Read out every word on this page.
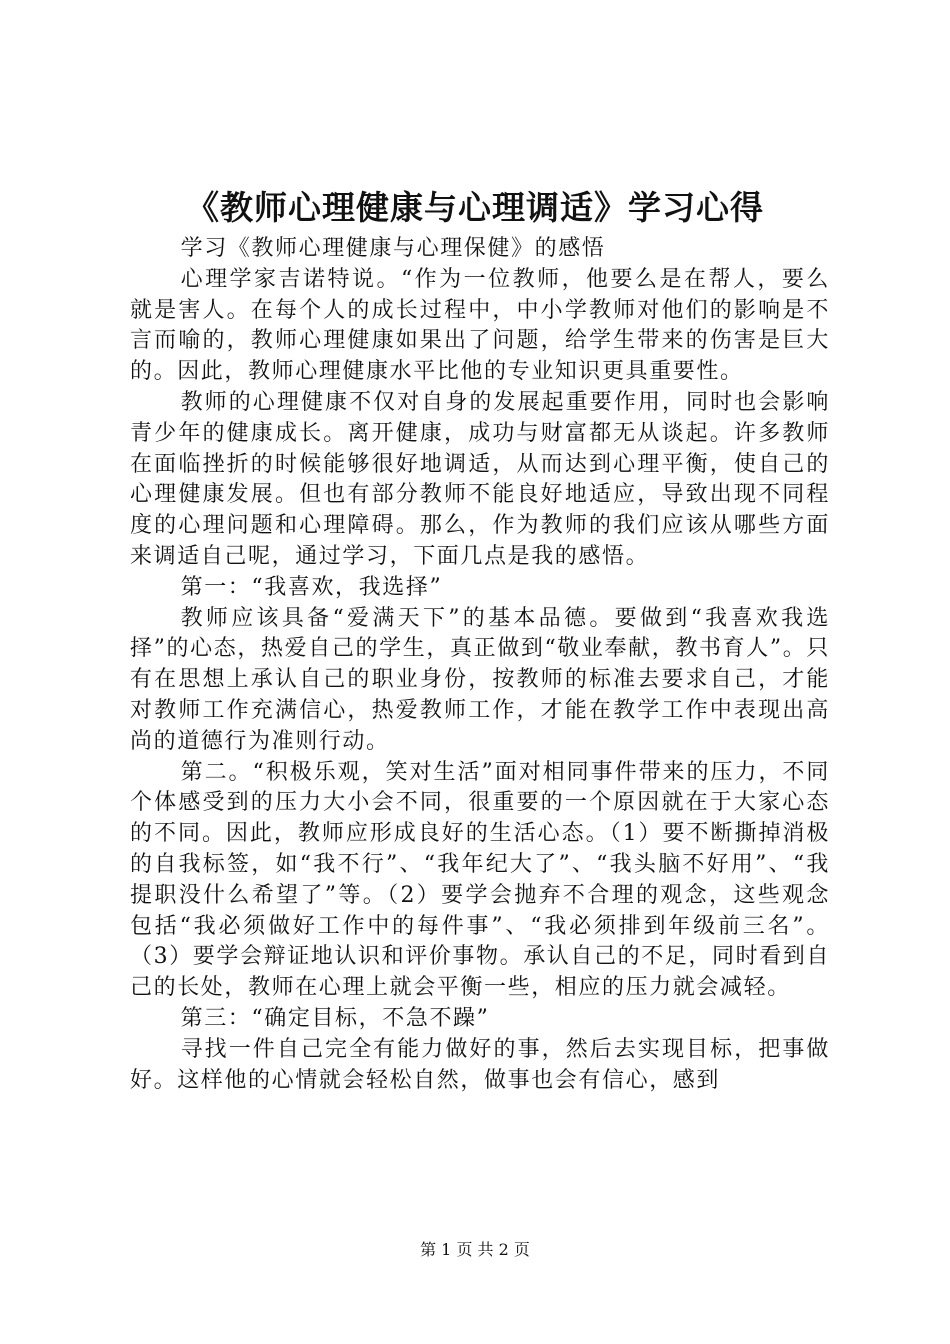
《教师心理健康与心理调适》学习心得

学习《教师心理健康与心理保健》的感悟

心理学家吉诺特说。“作为一位教师，他要么是在帮人，要么就是害人。在每个人的成长过程中，中小学教师对他们的影响是不言而喻的，教师心理健康如果出了问题，给学生带来的伤害是巨大的。因此，教师心理健康水平比他的专业知识更具重要性。

教师的心理健康不仅对自身的发展起重要作用，同时也会影响青少年的健康成长。离开健康，成功与财富都无从谈起。许多教师在面临挫折的时候能够很好地调适，从而达到心理平衡，使自己的心理健康发展。但也有部分教师不能良好地适应，导致出现不同程度的心理问题和心理障碍。那么，作为教师的我们应该从哪些方面来调适自己呢，通过学习，下面几点是我的感悟。

第一：“我喜欢，我选择”

教师应该具备“爱满天下”的基本品德。要做到“我喜欢我选择”的心态，热爱自己的学生，真正做到“敬业奉献，教书育人”。只有在思想上承认自己的职业身份，按教师的标准去要求自己，才能对教师工作充满信心，热爱教师工作，才能在教学工作中表现出高尚的道德行为准则行动。

第二。“积极乐观，笑对生活”面对相同事件带来的压力，不同个体感受到的压力大小会不同，很重要的一个原因就在于大家心态的不同。因此，教师应形成良好的生活心态。（1）要不断撕掉消极的自我标签，如“我不行”、“我年纪大了”、“我头脑不好用”、“我提职没什么希望了”等。（2）要学会抛弃不合理的观念，这些观念包括“我必须做好工作中的每件事”、“我必须排到年级前三名”。（3）要学会辩证地认识和评价事物。承认自己的不足，同时看到自己的长处，教师在心理上就会平衡一些，相应的压力就会减轻。

第三：“确定目标，不急不躁”

寻找一件自己完全有能力做好的事，然后去实现目标，把事做好。这样他的心情就会轻松自然，做事也会有信心，感到

第 1 页 共 2 页
